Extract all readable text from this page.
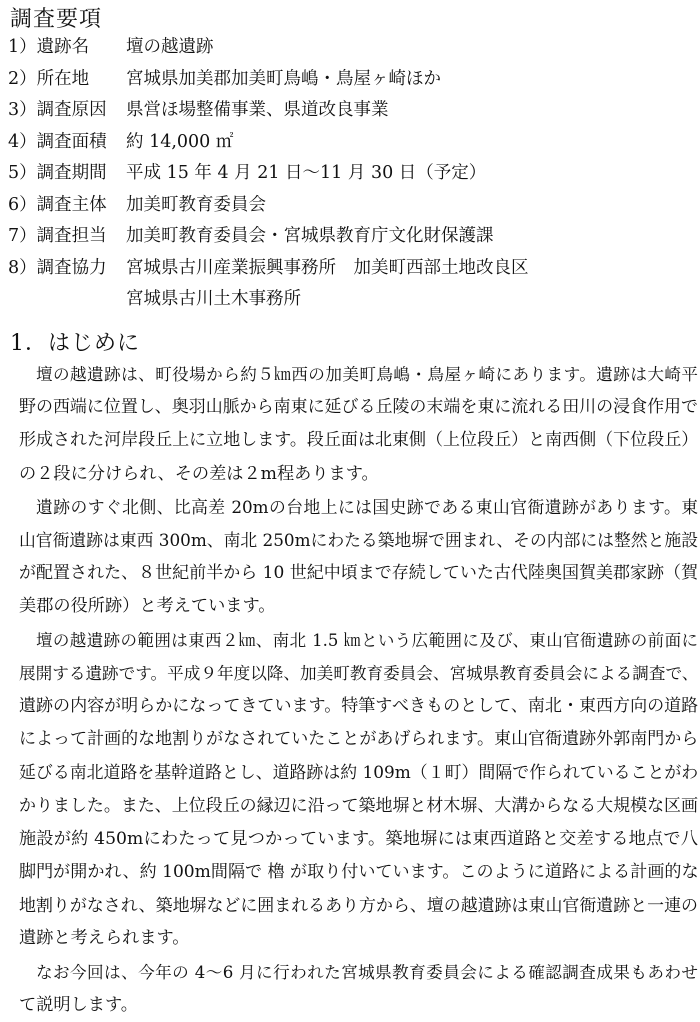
調査要項
1）遺跡名 壇の越遺跡
2）所在地 宮城県加美郡加美町鳥嶋・鳥屋ヶ崎ほか
3）調査原因 県営ほ場整備事業、県道改良事業
4）調査面積 約 14,000 ㎡
5）調査期間 平成 15 年 4 月 21 日～11 月 30 日（予定）
6）調査主体 加美町教育委員会
7）調査担当 加美町教育委員会・宮城県教育庁文化財保護課
8）調査協力 宮城県古川産業振興事務所　加美町西部土地改良区
宮城県古川土木事務所
1．はじめに
壇の越遺跡は、町役場から約５㎞西の加美町鳥嶋・鳥屋ヶ崎にあります。遺跡は大崎平
野の西端に位置し、奥羽山脈から南東に延びる丘陵の末端を東に流れる田川の浸食作用で
形成された河岸段丘上に立地します。段丘面は北東側（上位段丘）と南西側（下位段丘）
の２段に分けられ、その差は２m程あります。
遺跡のすぐ北側、比高差 20mの台地上には国史跡である東山官衙遺跡があります。東
山官衙遺跡は東西 300m、南北 250mにわたる築地塀で囲まれ、その内部には整然と施設
が配置された、８世紀前半から 10 世紀中頃まで存続していた古代陸奥国賀美郡家跡（賀
美郡の役所跡）と考えています。
壇の越遺跡の範囲は東西２㎞、南北 1.5 ㎞という広範囲に及び、東山官衙遺跡の前面に
展開する遺跡です。平成９年度以降、加美町教育委員会、宮城県教育委員会による調査で、
遺跡の内容が明らかになってきています。特筆すべきものとして、南北・東西方向の道路
によって計画的な地割りがなされていたことがあげられます。東山官衙遺跡外郭南門から
延びる南北道路を基幹道路とし、道路跡は約 109m（１町）間隔で作られていることがわ
かりました。また、上位段丘の縁辺に沿って築地塀と材木塀、大溝からなる大規模な区画
施設が約 450mにわたって見つかっています。築地塀には東西道路と交差する地点で八
脚門が開かれ、約 100m間隔で 櫓 が取り付いています。このように道路による計画的な
地割りがなされ、築地塀などに囲まれるあり方から、壇の越遺跡は東山官衙遺跡と一連の
遺跡と考えられます。
なお今回は、今年の 4～6 月に行われた宮城県教育委員会による確認調査成果もあわせ
て説明します。
